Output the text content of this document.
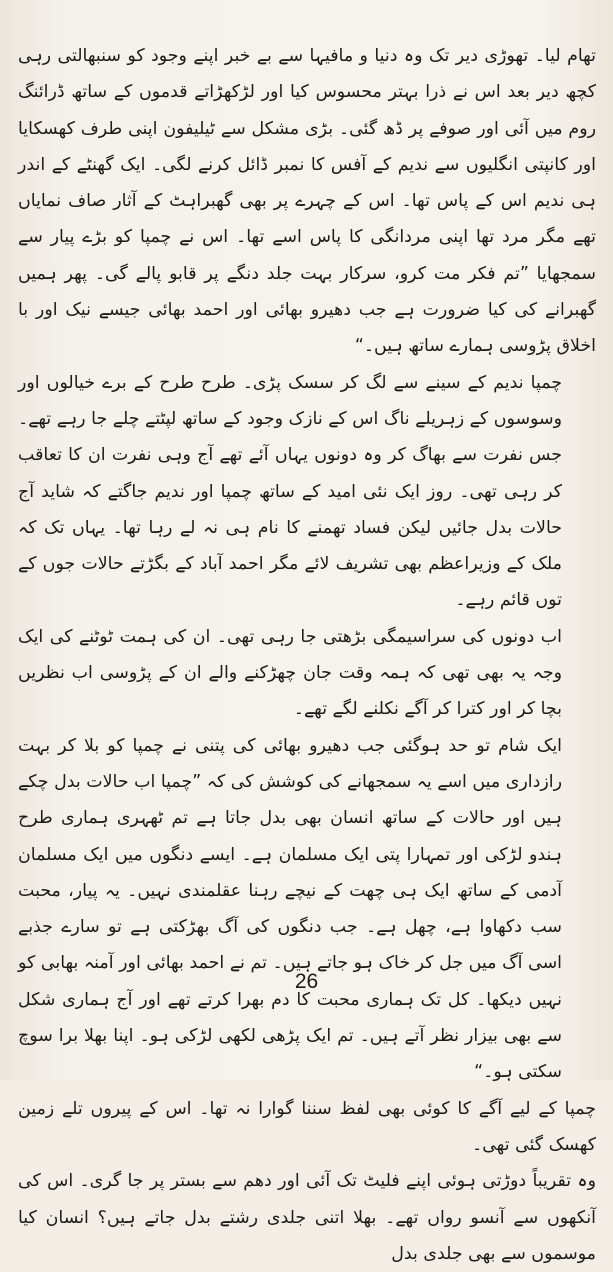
تھام لیا۔ تھوڑی دیر تک وہ دنیا و مافیہا سے بے خبر اپنے وجود کو سنبھالتی رہی کچھ دیر بعد اس نے ذرا بہتر محسوس کیا اور لڑکھڑاتے قدموں کے ساتھ ڈرائنگ روم میں آئی اور صوفے پر ڈھ گئی۔ بڑی مشکل سے ٹیلیفون اپنی طرف کھسکایا اور کانپتی انگلیوں سے ندیم کے آفس کا نمبر ڈائل کرنے لگی۔ ایک گھنٹے کے اندر ہی ندیم اس کے پاس تھا۔ اس کے چہرے پر بھی گھبراہٹ کے آثار صاف نمایاں تھے مگر مرد تھا اپنی مردانگی کا پاس اسے تھا۔ اس نے چمپا کو بڑے پیار سے سمجھایا ”تم فکر مت کرو، سرکار بہت جلد دنگے پر قابو پالے گی۔ پھر ہمیں گھبرانے کی کیا ضرورت ہے جب دھیرو بھائی اور احمد بھائی جیسے نیک اور با اخلاق پڑوسی ہمارے ساتھ ہیں۔“

چمپا ندیم کے سینے سے لگ کر سسک پڑی۔ طرح طرح کے برے خیالوں اور وسوسوں کے زہریلے ناگ اس کے نازک وجود کے ساتھ لپٹتے چلے جا رہے تھے۔ جس نفرت سے بھاگ کر وہ دونوں یہاں آئے تھے آج وہی نفرت ان کا تعاقب کر رہی تھی۔ روز ایک نئی امید کے ساتھ چمپا اور ندیم جاگتے کہ شاید آج حالات بدل جائیں لیکن فساد تھمنے کا نام ہی نہ لے رہا تھا۔ یہاں تک کہ ملک کے وزیراعظم بھی تشریف لائے مگر احمد آباد کے بگڑتے حالات جوں کے توں قائم رہے۔

اب دونوں کی سراسیمگی بڑھتی جا رہی تھی۔ ان کی ہمت ٹوٹنے کی ایک وجہ یہ بھی تھی کہ ہمہ وقت جان چھڑکنے والے ان کے پڑوسی اب نظریں بچا کر اور کترا کر آگے نکلنے لگے تھے۔

ایک شام تو حد ہوگئی جب دھیرو بھائی کی پتنی نے چمپا کو بلا کر بہت رازداری میں اسے یہ سمجھانے کی کوشش کی کہ ”چمپا اب حالات بدل چکے ہیں اور حالات کے ساتھ انسان بھی بدل جاتا ہے تم ٹھہری ہماری طرح ہندو لڑکی اور تمہارا پتی ایک مسلمان ہے۔ ایسے دنگوں میں ایک مسلمان آدمی کے ساتھ ایک ہی چھت کے نیچے رہنا عقلمندی نہیں۔ یہ پیار، محبت سب دکھاوا ہے، چھل ہے۔ جب دنگوں کی آگ بھڑکتی ہے تو سارے جذبے اسی آگ میں جل کر خاک ہو جاتے ہیں۔ تم نے احمد بھائی اور آمنہ بھابی کو نہیں دیکھا۔ کل تک ہماری محبت کا دم بھرا کرتے تھے اور آج ہماری شکل سے بھی بیزار نظر آتے ہیں۔ تم ایک پڑھی لکھی لڑکی ہو۔ اپنا بھلا برا سوچ سکتی ہو۔“

چمپا کے لیے آگے کا کوئی بھی لفظ سننا گوارا نہ تھا۔ اس کے پیروں تلے زمین کھسک گئی تھی۔

وہ تقریباً دوڑتی ہوئی اپنے فلیٹ تک آئی اور دھم سے بستر پر جا گری۔ اس کی آنکھوں سے آنسو رواں تھے۔ بھلا اتنی جلدی رشتے بدل جاتے ہیں؟ انسان کیا موسموں سے بھی جلدی بدل

26
